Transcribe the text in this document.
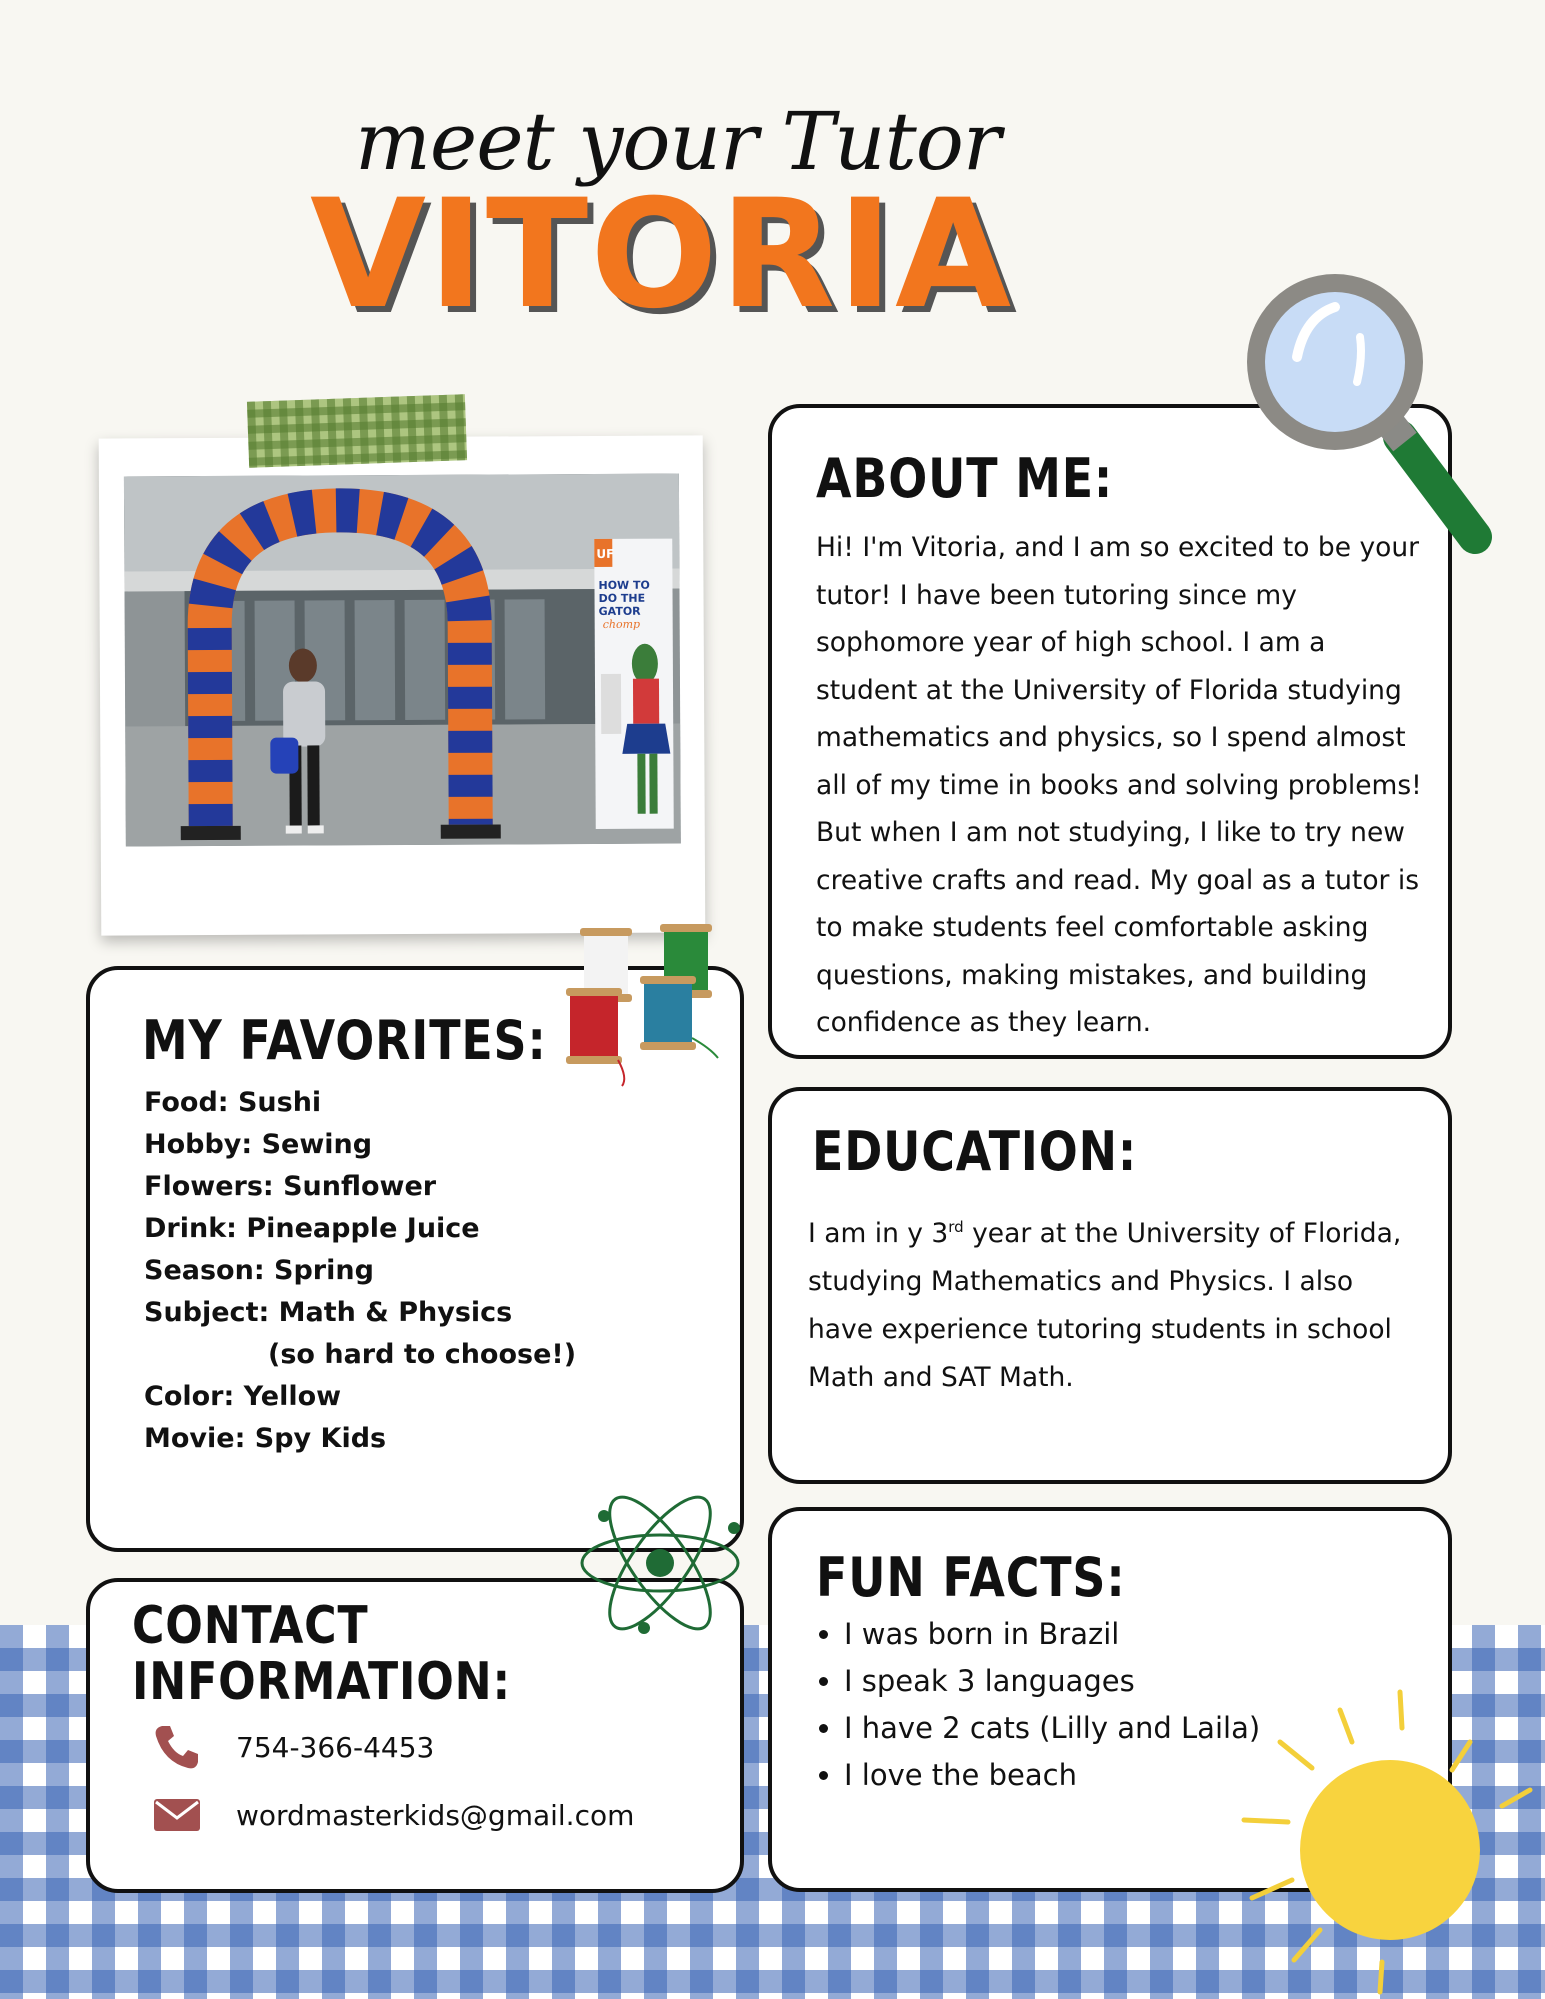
meet your Tutor
VITORIA
UF
HOW TO
DO THE
GATOR
chomp
ABOUT ME:
Hi! I'm Vitoria, and I am so excited to be your
tutor! I have been tutoring since my
sophomore year of high school. I am a
student at the University of Florida studying
mathematics and physics, so I spend almost
all of my time in books and solving problems!
But when I am not studying, I like to try new
creative crafts and read. My goal as a tutor is
to make students feel comfortable asking
questions, making mistakes, and building
confidence as they learn.
EDUCATION:
I am in y 3rd year at the University of Florida,
studying Mathematics and Physics. I also
have experience tutoring students in school
Math and SAT Math.
FUN FACTS:
• I was born in Brazil
• I speak 3 languages
• I have 2 cats (Lilly and Laila)
• I love the beach
MY FAVORITES:
Food: Sushi
Hobby: Sewing
Flowers: Sunflower
Drink: Pineapple Juice
Season: Spring
Subject: Math & Physics
(so hard to choose!)
Color: Yellow
Movie: Spy Kids
CONTACT
INFORMATION:
754-366-4453
wordmasterkids@gmail.com
